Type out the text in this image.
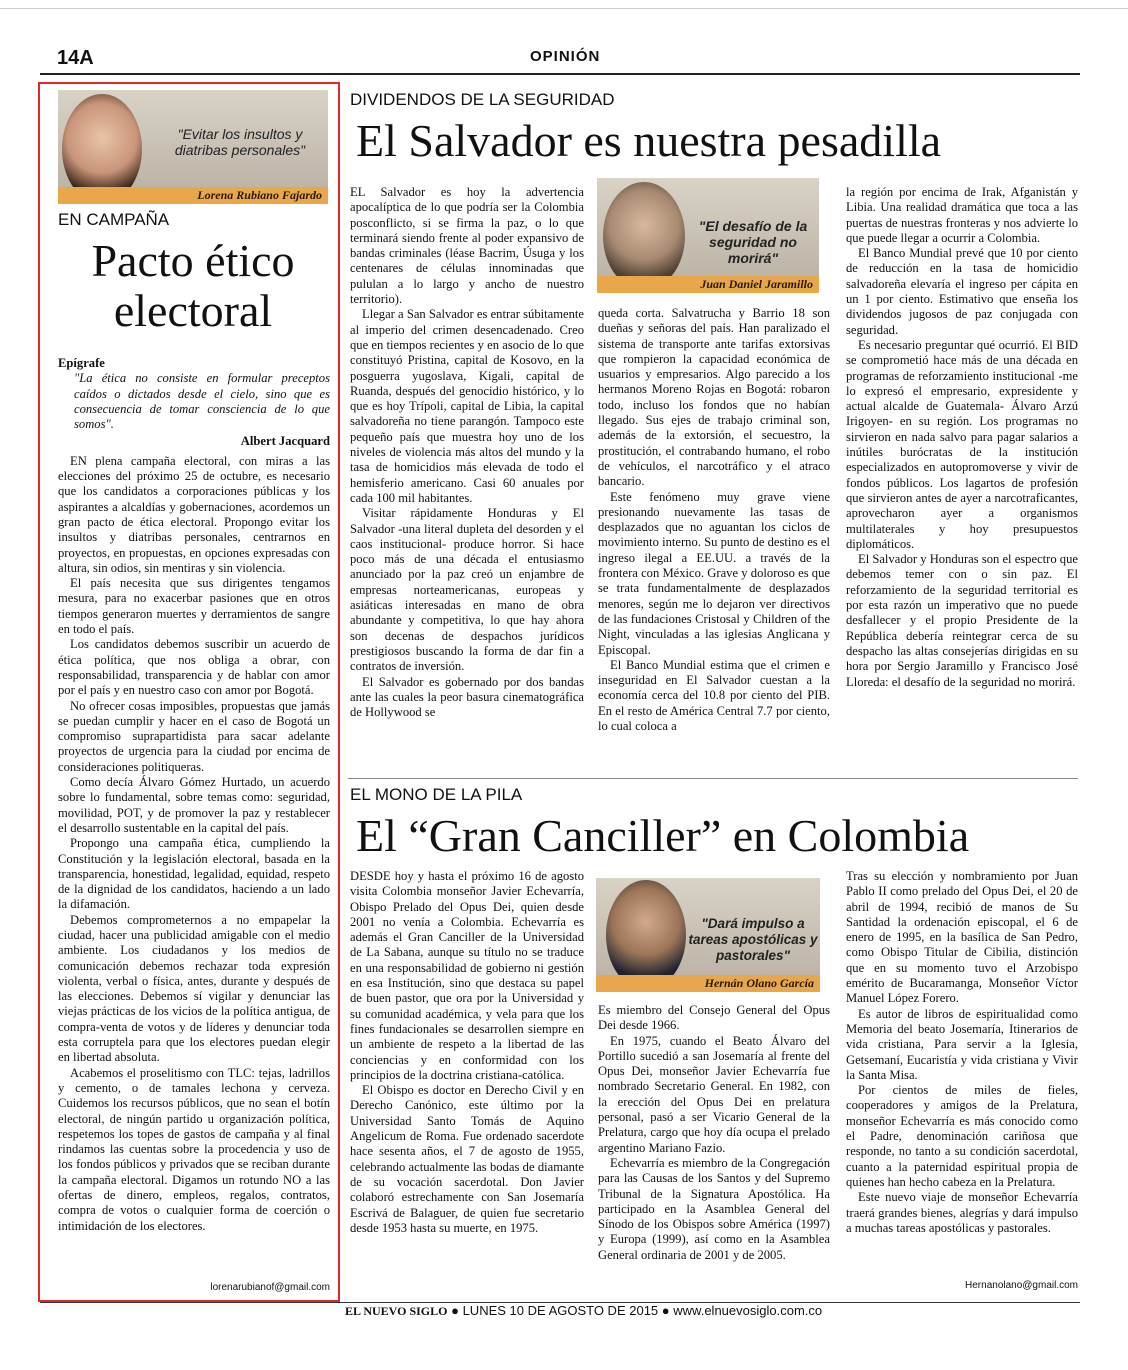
14A	OPINIÓN
"Evitar los insultos y diatribas personales"
Lorena Rubiano Fajardo
EN CAMPAÑA
Pacto ético electoral
Epígrafe
"La ética no consiste en formular preceptos caídos o dictados desde el cielo, sino que es consecuencia de tomar consciencia de lo que somos".
Albert Jacquard

EN plena campaña electoral, con miras a las elecciones del próximo 25 de octubre, es necesario que los candidatos a corporaciones públicas y los aspirantes a alcaldías y gobernaciones, acordemos un gran pacto de ética electoral. Propongo evitar los insultos y diatribas personales, centrarnos en proyectos, en propuestas, en opciones expresadas con altura, sin odios, sin mentiras y sin violencia.

El país necesita que sus dirigentes tengamos mesura, para no exacerbar pasiones que en otros tiempos generaron muertes y derramientos de sangre en todo el país.

Los candidatos debemos suscribir un acuerdo de ética política, que nos obliga a obrar, con responsabilidad, transparencia y de hablar con amor por el país y en nuestro caso con amor por Bogotá.

No ofrecer cosas imposibles, propuestas que jamás se puedan cumplir y hacer en el caso de Bogotá un compromiso suprapartidista para sacar adelante proyectos de urgencia para la ciudad por encima de consideraciones politiqueras.

Como decía Álvaro Gómez Hurtado, un acuerdo sobre lo fundamental, sobre temas como: seguridad, movilidad, POT, y de promover la paz y restablecer el desarrollo sustentable en la capital del país.

Propongo una campaña ética, cumpliendo la Constitución y la legislación electoral, basada en la transparencia, honestidad, legalidad, equidad, respeto de la dignidad de los candidatos, haciendo a un lado la difamación.

Debemos comprometernos a no empapelar la ciudad, hacer una publicidad amigable con el medio ambiente. Los ciudadanos y los medios de comunicación debemos rechazar toda expresión violenta, verbal o física, antes, durante y después de las elecciones. Debemos sí vigilar y denunciar las viejas prácticas de los vicios de la política antigua, de compra-venta de votos y de líderes y denunciar toda esta corruptela para que los electores puedan elegir en libertad absoluta.

Acabemos el proselitismo con TLC: tejas, ladrillos y cemento, o de tamales lechona y cerveza. Cuidemos los recursos públicos, que no sean el botín electoral, de ningún partido u organización política, respetemos los topes de gastos de campaña y al final rindamos las cuentas sobre la procedencia y uso de los fondos públicos y privados que se reciban durante la campaña electoral. Digamos un rotundo NO a las ofertas de dinero, empleos, regalos, contratos, compra de votos o cualquier forma de coerción o intimidación de los electores.

lorenarubianof@gmail.com
DIVIDENDOS DE LA SEGURIDAD
El Salvador es nuestra pesadilla

EL Salvador es hoy la advertencia apocalíptica de lo que podría ser la Colombia posconflicto, si se firma la paz, o lo que terminará siendo frente al poder expansivo de bandas criminales (léase Bacrim, Úsuga y los centenares de células innominadas que pululan a lo largo y ancho de nuestro territorio).

Llegar a San Salvador es entrar súbitamente al imperio del crimen desencadenado. Creo que en tiempos recientes y en asocio de lo que constituyó Pristina, capital de Kosovo, en la posguerra yugoslava, Kigali, capital de Ruanda, después del genocidio histórico, y lo que es hoy Trípoli, capital de Libia, la capital salvadoreña no tiene parangón. Tampoco este pequeño país que muestra hoy uno de los niveles de violencia más altos del mundo y la tasa de homicidios más elevada de todo el hemisferio americano. Casi 60 anuales por cada 100 mil habitantes.

Visitar rápidamente Honduras y El Salvador -una literal dupleta del desorden y el caos institucional- produce horror. Si hace poco más de una década el entusiasmo anunciado por la paz creó un enjambre de empresas norteamericanas, europeas y asiáticas interesadas en mano de obra abundante y competitiva, lo que hay ahora son decenas de despachos jurídicos prestigiosos buscando la forma de dar fin a contratos de inversión.

El Salvador es gobernado por dos bandas ante las cuales la peor basura cinematográfica de Hollywood se

"El desafío de la seguridad no morirá"
Juan Daniel Jaramillo

queda corta. Salvatrucha y Barrio 18 son dueñas y señoras del país. Han paralizado el sistema de transporte ante tarifas extorsivas que rompieron la capacidad económica de usuarios y empresarios. Algo parecido a los hermanos Moreno Rojas en Bogotá: robaron todo, incluso los fondos que no habían llegado. Sus ejes de trabajo criminal son, además de la extorsión, el secuestro, la prostitución, el contrabando humano, el robo de vehículos, el narcotráfico y el atraco bancario.

Este fenómeno muy grave viene presionando nuevamente las tasas de desplazados que no aguantan los ciclos de movimiento interno. Su punto de destino es el ingreso ilegal a EE.UU. a través de la frontera con México. Grave y doloroso es que se trata fundamentalmente de desplazados menores, según me lo dejaron ver directivos de las fundaciones Cristosal y Children of the Night, vinculadas a las iglesias Anglicana y Episcopal.

El Banco Mundial estima que el crimen e inseguridad en El Salvador cuestan a la economía cerca del 10.8 por ciento del PIB. En el resto de América Central 7.7 por ciento, lo cual coloca a

la región por encima de Irak, Afganistán y Libia. Una realidad dramática que toca a las puertas de nuestras fronteras y nos advierte lo que puede llegar a ocurrir a Colombia.

El Banco Mundial prevé que 10 por ciento de reducción en la tasa de homicidio salvadoreña elevaría el ingreso per cápita en un 1 por ciento. Estimativo que enseña los dividendos jugosos de paz conjugada con seguridad.

Es necesario preguntar qué ocurrió. El BID se comprometió hace más de una década en programas de reforzamiento institucional -me lo expresó el empresario, expresidente y actual alcalde de Guatemala- Álvaro Arzú Irigoyen- en su región. Los programas no sirvieron en nada salvo para pagar salarios a inútiles burócratas de la institución especializados en autopromoverse y vivir de fondos públicos. Los lagartos de profesión que sirvieron antes de ayer a narcotraficantes, aprovecharon ayer a organismos multilaterales y hoy presupuestos diplomáticos.

El Salvador y Honduras son el espectro que debemos temer con o sin paz. El reforzamiento de la seguridad territorial es por esta razón un imperativo que no puede desfallecer y el propio Presidente de la República debería reintegrar cerca de su despacho las altas consejerías dirigidas en su hora por Sergio Jaramillo y Francisco José Lloreda: el desafío de la seguridad no morirá.

EL MONO DE LA PILA
El “Gran Canciller” en Colombia

DESDE hoy y hasta el próximo 16 de agosto visita Colombia monseñor Javier Echevarría, Obispo Prelado del Opus Dei, quien desde 2001 no venía a Colombia. Echevarría es además el Gran Canciller de la Universidad de La Sabana, aunque su título no se traduce en una responsabilidad de gobierno ni gestión en esa Institución, sino que destaca su papel de buen pastor, que ora por la Universidad y su comunidad académica, y vela para que los fines fundacionales se desarrollen siempre en un ambiente de respeto a la libertad de las conciencias y en conformidad con los principios de la doctrina cristiana-católica.

El Obispo es doctor en Derecho Civil y en Derecho Canónico, este último por la Universidad Santo Tomás de Aquino Angelicum de Roma. Fue ordenado sacerdote hace sesenta años, el 7 de agosto de 1955, celebrando actualmente las bodas de diamante de su vocación sacerdotal. Don Javier colaboró estrechamente con San Josemaría Escrivá de Balaguer, de quien fue secretario desde 1953 hasta su muerte, en 1975.

"Dará impulso a tareas apostólicas y pastorales"
Hernán Olano García

Es miembro del Consejo General del Opus Dei desde 1966.

En 1975, cuando el Beato Álvaro del Portillo sucedió a san Josemaría al frente del Opus Dei, monseñor Javier Echevarría fue nombrado Secretario General. En 1982, con la erección del Opus Dei en prelatura personal, pasó a ser Vicario General de la Prelatura, cargo que hoy día ocupa el prelado argentino Mariano Fazio.

Echevarría es miembro de la Congregación para las Causas de los Santos y del Supremo Tribunal de la Signatura Apostólica. Ha participado en la Asamblea General del Sínodo de los Obispos sobre América (1997) y Europa (1999), así como en la Asamblea General ordinaria de 2001 y de 2005.

Tras su elección y nombramiento por Juan Pablo II como prelado del Opus Dei, el 20 de abril de 1994, recibió de manos de Su Santidad la ordenación episcopal, el 6 de enero de 1995, en la basílica de San Pedro, como Obispo Titular de Cibilia, distinción que en su momento tuvo el Arzobispo emérito de Bucaramanga, Monseñor Víctor Manuel López Forero.

Es autor de libros de espiritualidad como Memoria del beato Josemaría, Itinerarios de vida cristiana, Para servir a la Iglesia, Getsemaní, Eucaristía y vida cristiana y Vivir la Santa Misa.

Por cientos de miles de fieles, cooperadores y amigos de la Prelatura, monseñor Echevarría es más conocido como el Padre, denominación cariñosa que responde, no tanto a su condición sacerdotal, cuanto a la paternidad espiritual propia de quienes han hecho cabeza en la Prelatura.

Este nuevo viaje de monseñor Echevarría traerá grandes bienes, alegrías y dará impulso a muchas tareas apostólicas y pastorales.

Hernanolano@gmail.com
EL NUEVO SIGLO ● LUNES 10 DE AGOSTO DE 2015 ● www.elnuevosiglo.com.co
